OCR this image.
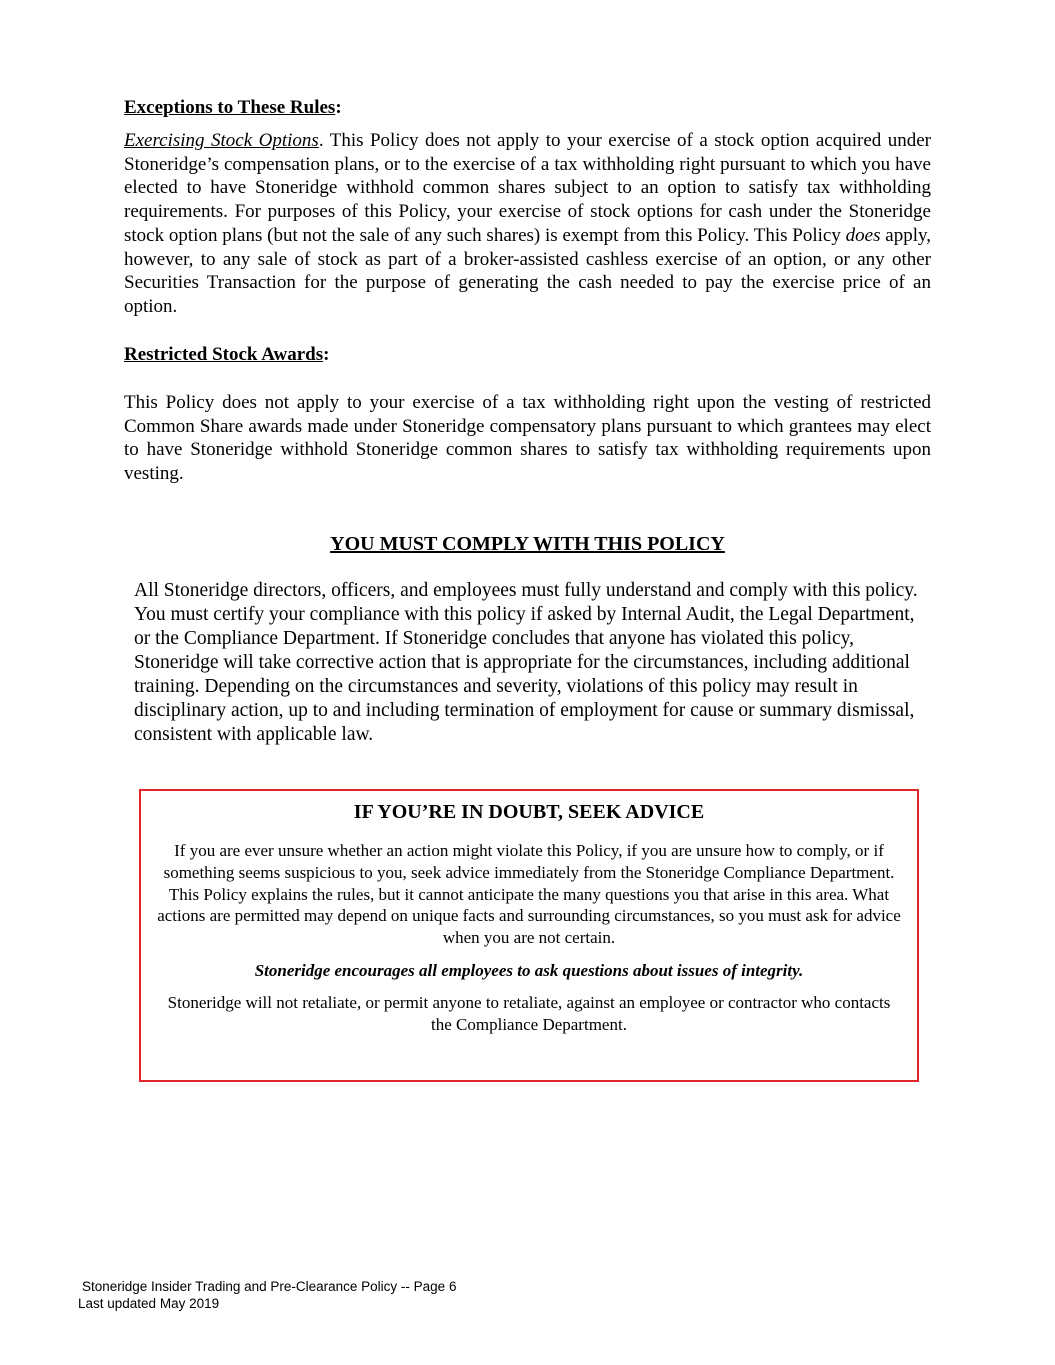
Exceptions to These Rules:
Exercising Stock Options. This Policy does not apply to your exercise of a stock option acquired under Stoneridge’s compensation plans, or to the exercise of a tax withholding right pursuant to which you have elected to have Stoneridge withhold common shares subject to an option to satisfy tax withholding requirements. For purposes of this Policy, your exercise of stock options for cash under the Stoneridge stock option plans (but not the sale of any such shares) is exempt from this Policy. This Policy does apply, however, to any sale of stock as part of a broker-assisted cashless exercise of an option, or any other Securities Transaction for the purpose of generating the cash needed to pay the exercise price of an option.
Restricted Stock Awards:
This Policy does not apply to your exercise of a tax withholding right upon the vesting of restricted Common Share awards made under Stoneridge compensatory plans pursuant to which grantees may elect to have Stoneridge withhold Stoneridge common shares to satisfy tax withholding requirements upon vesting.
YOU MUST COMPLY WITH THIS POLICY
All Stoneridge directors, officers, and employees must fully understand and comply with this policy. You must certify your compliance with this policy if asked by Internal Audit, the Legal Department, or the Compliance Department. If Stoneridge concludes that anyone has violated this policy, Stoneridge will take corrective action that is appropriate for the circumstances, including additional training. Depending on the circumstances and severity, violations of this policy may result in disciplinary action, up to and including termination of employment for cause or summary dismissal, consistent with applicable law.
IF YOU’RE IN DOUBT, SEEK ADVICE
If you are ever unsure whether an action might violate this Policy, if you are unsure how to comply, or if something seems suspicious to you, seek advice immediately from the Stoneridge Compliance Department. This Policy explains the rules, but it cannot anticipate the many questions you that arise in this area. What actions are permitted may depend on unique facts and surrounding circumstances, so you must ask for advice when you are not certain.
Stoneridge encourages all employees to ask questions about issues of integrity.
Stoneridge will not retaliate, or permit anyone to retaliate, against an employee or contractor who contacts the Compliance Department.
Stoneridge Insider Trading and Pre-Clearance Policy -- Page 6
Last updated May 2019
